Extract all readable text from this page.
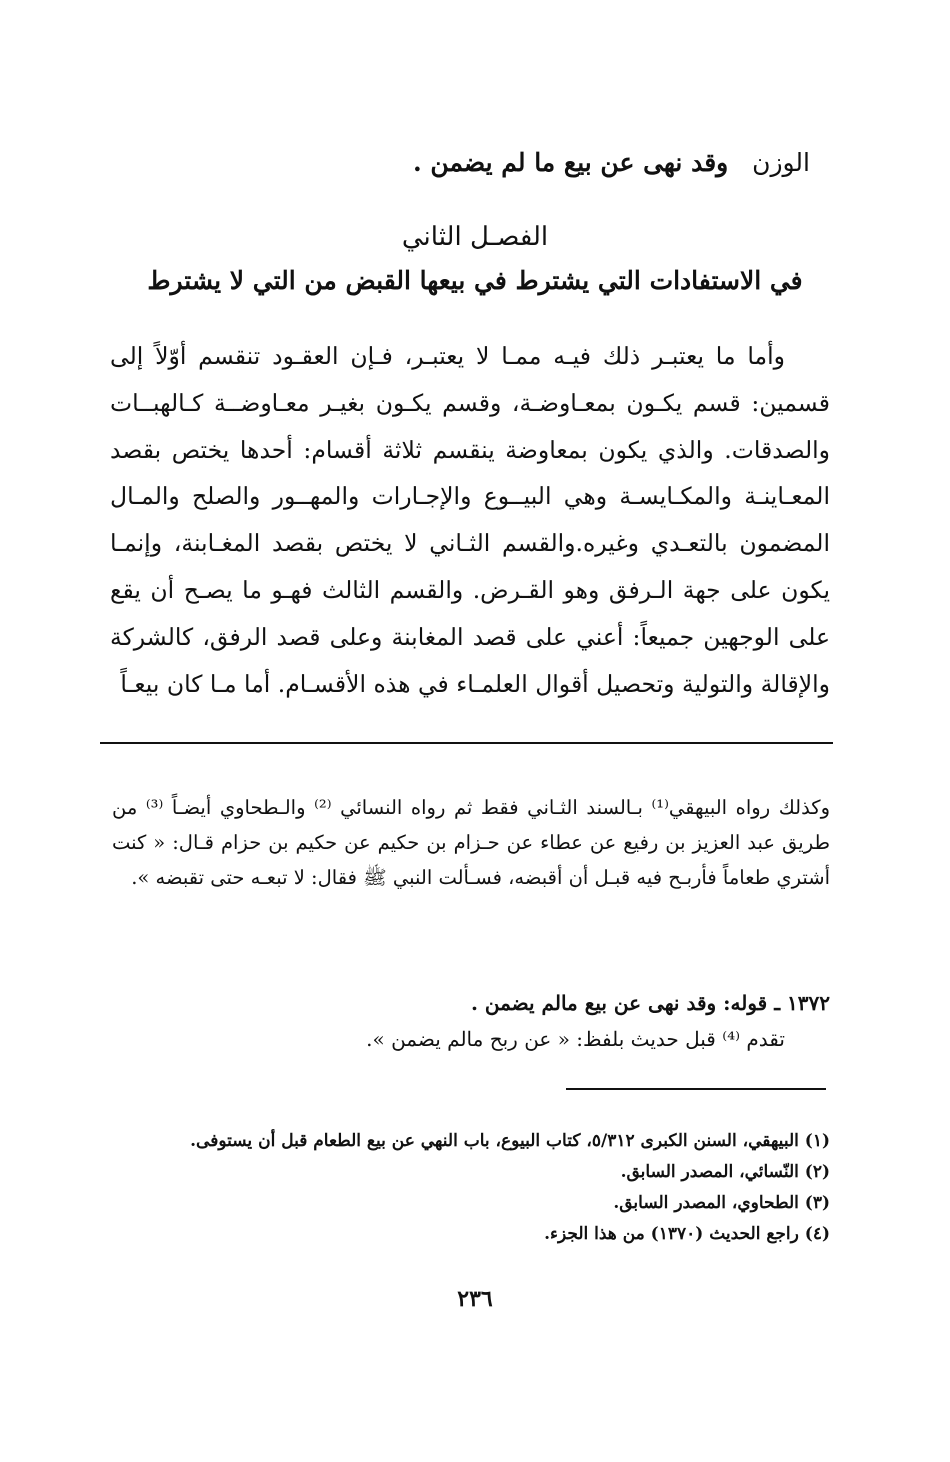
الوزن   وقد نهى عن بيع ما لم يضمن .
الفصـل الثاني
في الاستفادات التي يشترط في بيعها القبض من التي لا يشترط

وأما ما يعتبـر ذلك فيـه ممـا لا يعتبـر، فـإن العقـود تنقسم أوّلاً إلى قسمين: قسم يكـون بمعـاوضـة، وقسم يكـون بغيـر معـاوضــة كـالهبــات والصدقات. والذي يكون بمعاوضة ينقسم ثلاثة أقسام: أحدها يختص بقصد المعـاينـة والمكـايسـة وهي البيــوع والإجـارات والمهــور والصلح والمـال المضمون بالتعـدي وغيره.والقسم الثـاني لا يختص بقصد المغـابنة، وإنمـا يكون على جهة الـرفق وهو القـرض. والقسم الثالث فهـو ما يصـح أن يقع على الوجهين جميعاً: أعني على قصد المغابنة وعلى قصد الرفق، كالشركة والإقالة والتولية وتحصيل أقوال العلمـاء في هذه الأقسـام. أما مـا كان بيعـاً

وكذلك رواه البيهقي⁽¹⁾ بـالسند الثـاني فقط ثم رواه النسائي ⁽²⁾ والـطحاوي أيضـاً ⁽³⁾ من طريق عبد العزيز بن رفيع عن عطاء عن حـزام بن حكيم عن حكيم بن حزام قـال: « كنت أشتري طعاماً فأربـح فيه قبـل أن أقبضه، فسـألت النبي ﷺ فقال: لا تبعـه حتى تقبضه ».

١٣٧٢ ـ قوله: وقد نهى عن بيع مالم يضمن .

تقدم ⁽⁴⁾ قبل حديث بلفظ: « عن ربح مالم يضمن ».

(١) البيهقي، السنن الكبرى ٥/٣١٢، كتاب البيوع، باب النهي عن بيع الطعام قبل أن يستوفى.

(٢) النّسائي، المصدر السابق.

(٣) الطحاوي، المصدر السابق.

(٤) راجع الحديث (١٣٧٠) من هذا الجزء.

٢٣٦
